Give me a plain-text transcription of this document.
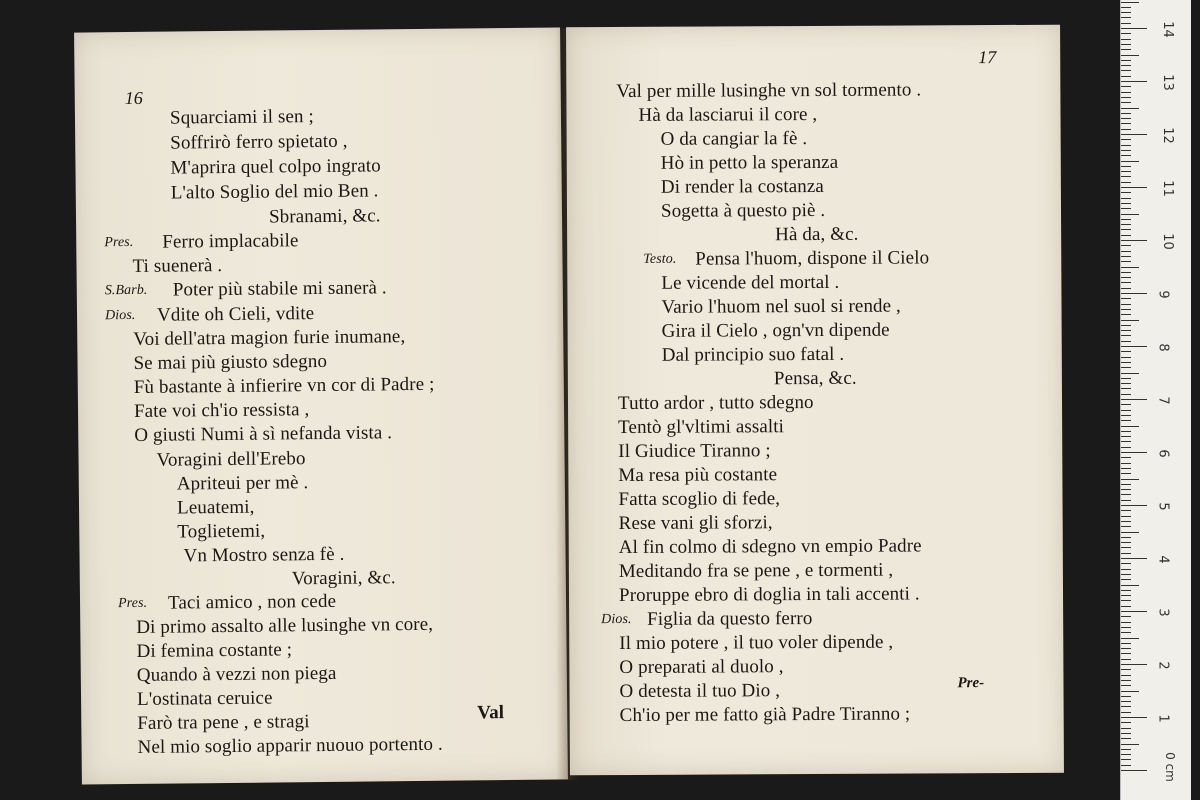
16
Pres.
S.Barb.
Dios.
Pres.
Squarciami il sen ;
Soffrirò ferro spietato ,
M'aprira quel colpo ingrato
L'alto Soglio del mio Ben .
Sbranami, &c.
Ferro implacabile
Ti suenerà .
Poter più stabile mi sanerà .
Vdite oh Cieli, vdite
Voi dell'atra magion furie inumane,
Se mai più giusto sdegno
Fù bastante à infierire vn cor di Padre ;
Fate voi ch'io ressista ,
O giusti Numi à sì nefanda vista .
Voragini dell'Erebo
Apriteui per mè .
Leuatemi,
Toglietemi,
Vn Mostro senza fè .
Voragini, &c.
Taci amico , non cede
Di primo assalto alle lusinghe vn core,
Di femina costante ;
Quando à vezzi non piega
L'ostinata ceruice
Farò tra pene , e stragi
Nel mio soglio apparir nuouo portento .
Val
17
Testo.
Dios.
Val per mille lusinghe vn sol tormento .
Hà da lasciarui il core ,
O da cangiar la fè .
Hò in petto la speranza
Di render la costanza
Sogetta à questo piè .
Hà da, &c.
Pensa l'huom, dispone il Cielo
Le vicende del mortal .
Vario l'huom nel suol si rende ,
Gira il Cielo , ogn'vn dipende
Dal principio suo fatal .
Pensa, &c.
Tutto ardor , tutto sdegno
Tentò gl'vltimi assalti
Il Giudice Tiranno ;
Ma resa più costante
Fatta scoglio di fede,
Rese vani gli sforzi,
Al fin colmo di sdegno vn empio Padre
Meditando fra se pene , e tormenti ,
Proruppe ebro di doglia in tali accenti .
Figlia da questo ferro
Il mio potere , il tuo voler dipende ,
O preparati al duolo ,
O detesta il tuo Dio ,
Ch'io per me fatto già Padre Tiranno ;
Pre-
14
13
12
11
10
9
8
7
6
5
4
3
2
1
0 cm
